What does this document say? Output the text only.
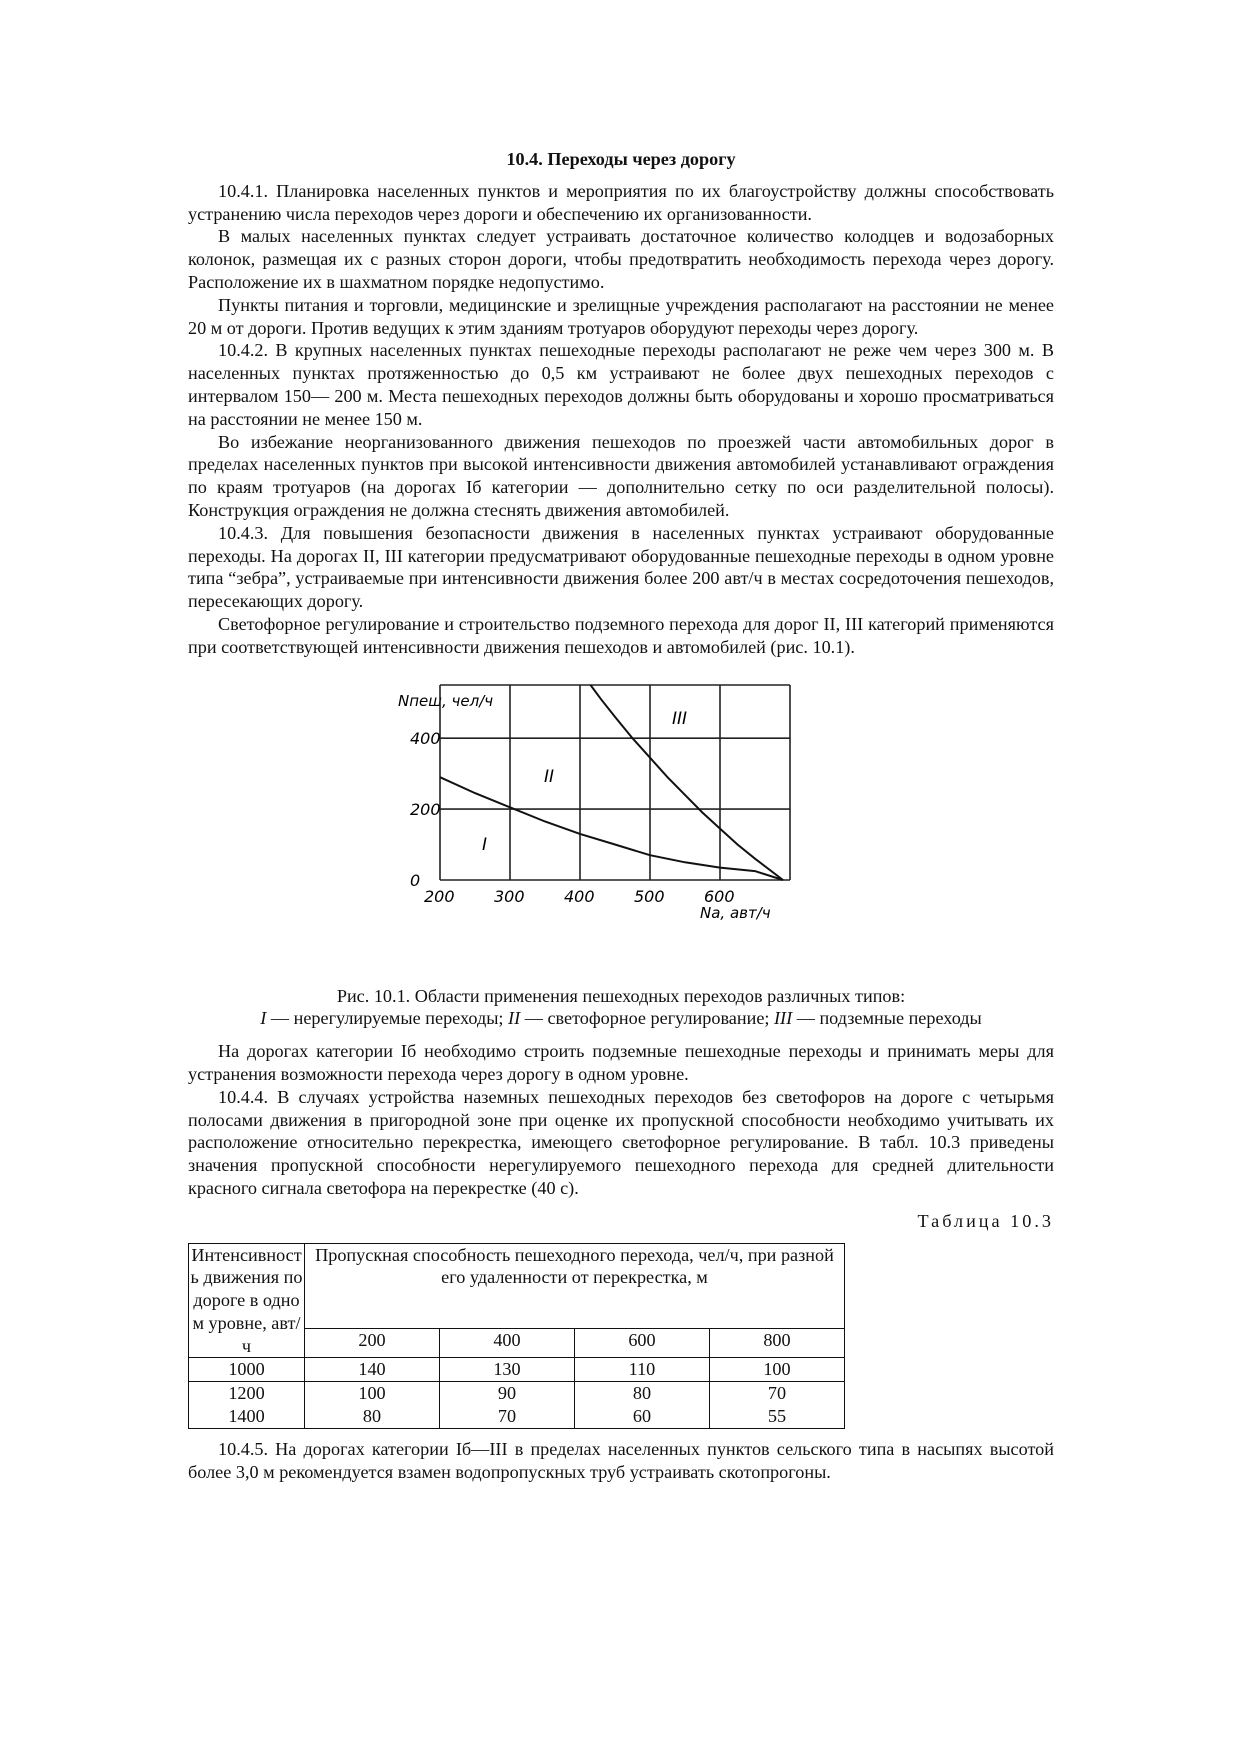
10.4. Переходы через дорогу

10.4.1. Планировка населенных пунктов и мероприятия по их благоустройству должны способствовать устранению числа переходов через дороги и обеспечению их организованности.

В малых населенных пунктах следует устраивать достаточное количество колодцев и водозаборных колонок, размещая их с разных сторон дороги, чтобы предотвратить необходимость перехода через дорогу. Расположение их в шахматном порядке недопустимо.

Пункты питания и торговли, медицинские и зрелищные учреждения располагают на расстоянии не менее 20 м от дороги. Против ведущих к этим зданиям тротуаров оборудуют переходы через дорогу.

10.4.2. В крупных населенных пунктах пешеходные переходы располагают не реже чем через 300 м. В населенных пунктах протяженностью до 0,5 км устраивают не более двух пешеходных переходов с интервалом 150— 200 м. Места пешеходных переходов должны быть оборудованы и хорошо просматриваться на расстоянии не менее 150 м.

Во избежание неорганизованного движения пешеходов по проезжей части автомобильных дорог в пределах населенных пунктов при высокой интенсивности движения автомобилей устанавливают ограждения по краям тротуаров (на дорогах Iб категории — дополнительно сетку по оси разделительной полосы). Конструкция ограждения не должна стеснять движения автомобилей.

10.4.3. Для повышения безопасности движения в населенных пунктах устраивают оборудованные переходы. На дорогах II, III категории предусматривают оборудованные пешеходные переходы в одном уровне типа “зебра”, устраиваемые при интенсивности движения более 200 авт/ч в местах сосредоточения пешеходов, пересекающих дорогу.

Светофорное регулирование и строительство подземного перехода для дорог II, III категорий применяются при соответствующей интенсивности движения пешеходов и автомобилей (рис. 10.1).

Nпеш, чел/ч
200 300 400 500 600
0
200
400
Nа, авт/ч
I
II
III
Рис. 10.1. Области применения пешеходных переходов различных типов:
I — нерегулируемые переходы; II — светофорное регулирование; III — подземные переходы

На дорогах категории Iб необходимо строить подземные пешеходные переходы и принимать меры для устранения возможности перехода через дорогу в одном уровне.

10.4.4. В случаях устройства наземных пешеходных переходов без светофоров на дороге с четырьмя полосами движения в пригородной зоне при оценке их пропускной способности необходимо учитывать их расположение относительно перекрестка, имеющего светофорное регулирование. В табл. 10.3 приведены значения пропускной способности нерегулируемого пешеходного перехода для средней длительности красного сигнала светофора на перекрестке (40 с).

Таблица 10.3
Интенсивность движения по дороге в одном уровне, авт/ч	Пропускная способность пешеходного перехода, чел/ч, при разной его удаленности от перекрестка, м			
	200	400	600	800
1000	140	130	110	100
1200	100	90	80	70
1400	80	70	60	55

10.4.5. На дорогах категории Iб—III в пределах населенных пунктов сельского типа в насыпях высотой более 3,0 м рекомендуется взамен водопропускных труб устраивать скотопрогоны.
